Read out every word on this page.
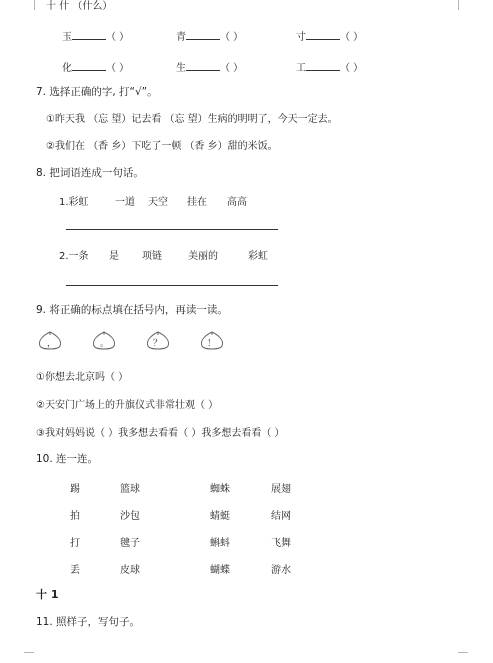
十 什 （什么）
玉	（ ）	青	（ ）	寸	（ ）
化	（ ）	生	（ ）	工	（ ）
7. 选择正确的字, 打“√”。
①昨天我 （忘 望）记去看 （忘 望）生病的明明了，今天一定去。
②我们在 （香 乡）下吃了一顿 （香 乡）甜的米饭。
8. 把词语连成一句话。
1.彩虹	一道 天空 挂在 高高
2.一条 是 项链	美丽的	彩虹
9. 将正确的标点填在括号内，再读一读。
，	。	？	！
①你想去北京吗（ ）
②天安门广场上的升旗仪式非常壮观（ ）
③我对妈妈说（ ）我多想去看看（ ）我多想去看看（ ）
10. 连一连。
踢	篮球	蜘蛛	展翅
拍	沙包	蜻蜓	结网
打	毽子	蝌蚪	飞舞
丢	皮球	蝴蝶	游水
十 1
11. 照样子，写句子。
